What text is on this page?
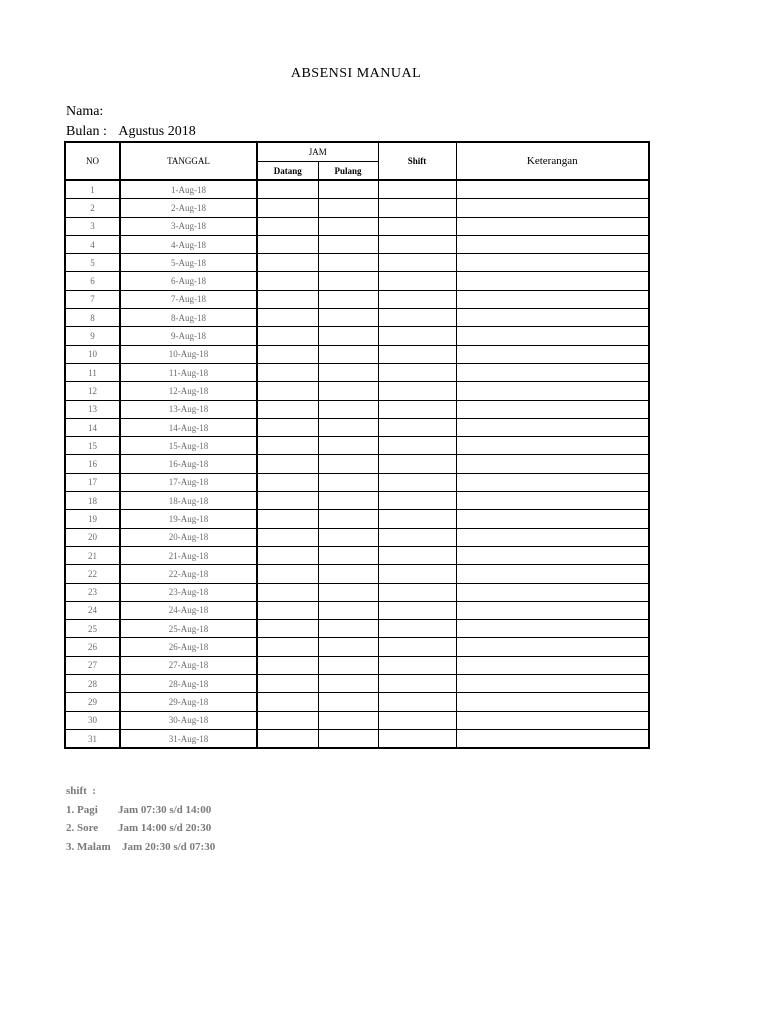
ABSENSI MANUAL
Nama:
Bulan : Agustus 2018
NO	TANGGAL	JAM		Shift	Keterangan
		Datang	Pulang		
1	1-Aug-18				
2	2-Aug-18				
3	3-Aug-18				
4	4-Aug-18				
5	5-Aug-18				
6	6-Aug-18				
7	7-Aug-18				
8	8-Aug-18				
9	9-Aug-18				
10	10-Aug-18				
11	11-Aug-18				
12	12-Aug-18				
13	13-Aug-18				
14	14-Aug-18				
15	15-Aug-18				
16	16-Aug-18				
17	17-Aug-18				
18	18-Aug-18				
19	19-Aug-18				
20	20-Aug-18				
21	21-Aug-18				
22	22-Aug-18				
23	23-Aug-18				
24	24-Aug-18				
25	25-Aug-18				
26	26-Aug-18				
27	27-Aug-18				
28	28-Aug-18				
29	29-Aug-18				
30	30-Aug-18				
31	31-Aug-18				
shift  :
1. Pagi Jam 07:30 s/d 14:00
2. Sore Jam 14:00 s/d 20:30
3. Malam Jam 20:30 s/d 07:30
